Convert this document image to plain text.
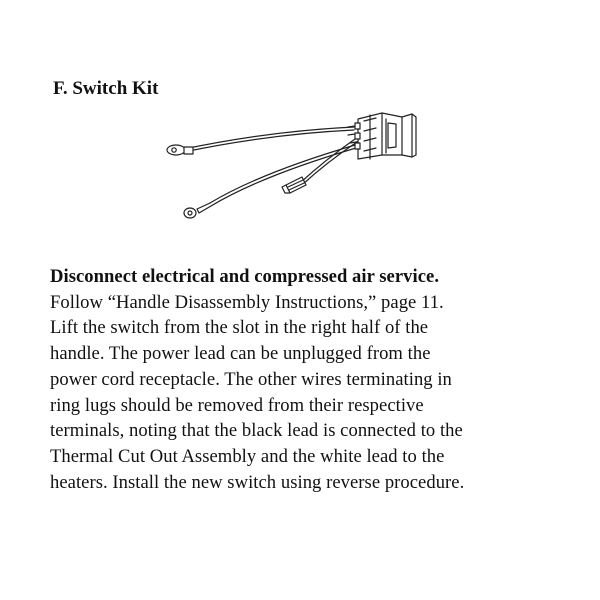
F. Switch Kit

Disconnect electrical and compressed air service.
Follow “Handle Disassembly Instructions,” page 11.
Lift the switch from the slot in the right half of the
handle. The power lead can be unplugged from the
power cord receptacle. The other wires terminating in
ring lugs should be removed from their respective
terminals, noting that the black lead is connected to the
Thermal Cut Out Assembly and the white lead to the
heaters. Install the new switch using reverse procedure.
